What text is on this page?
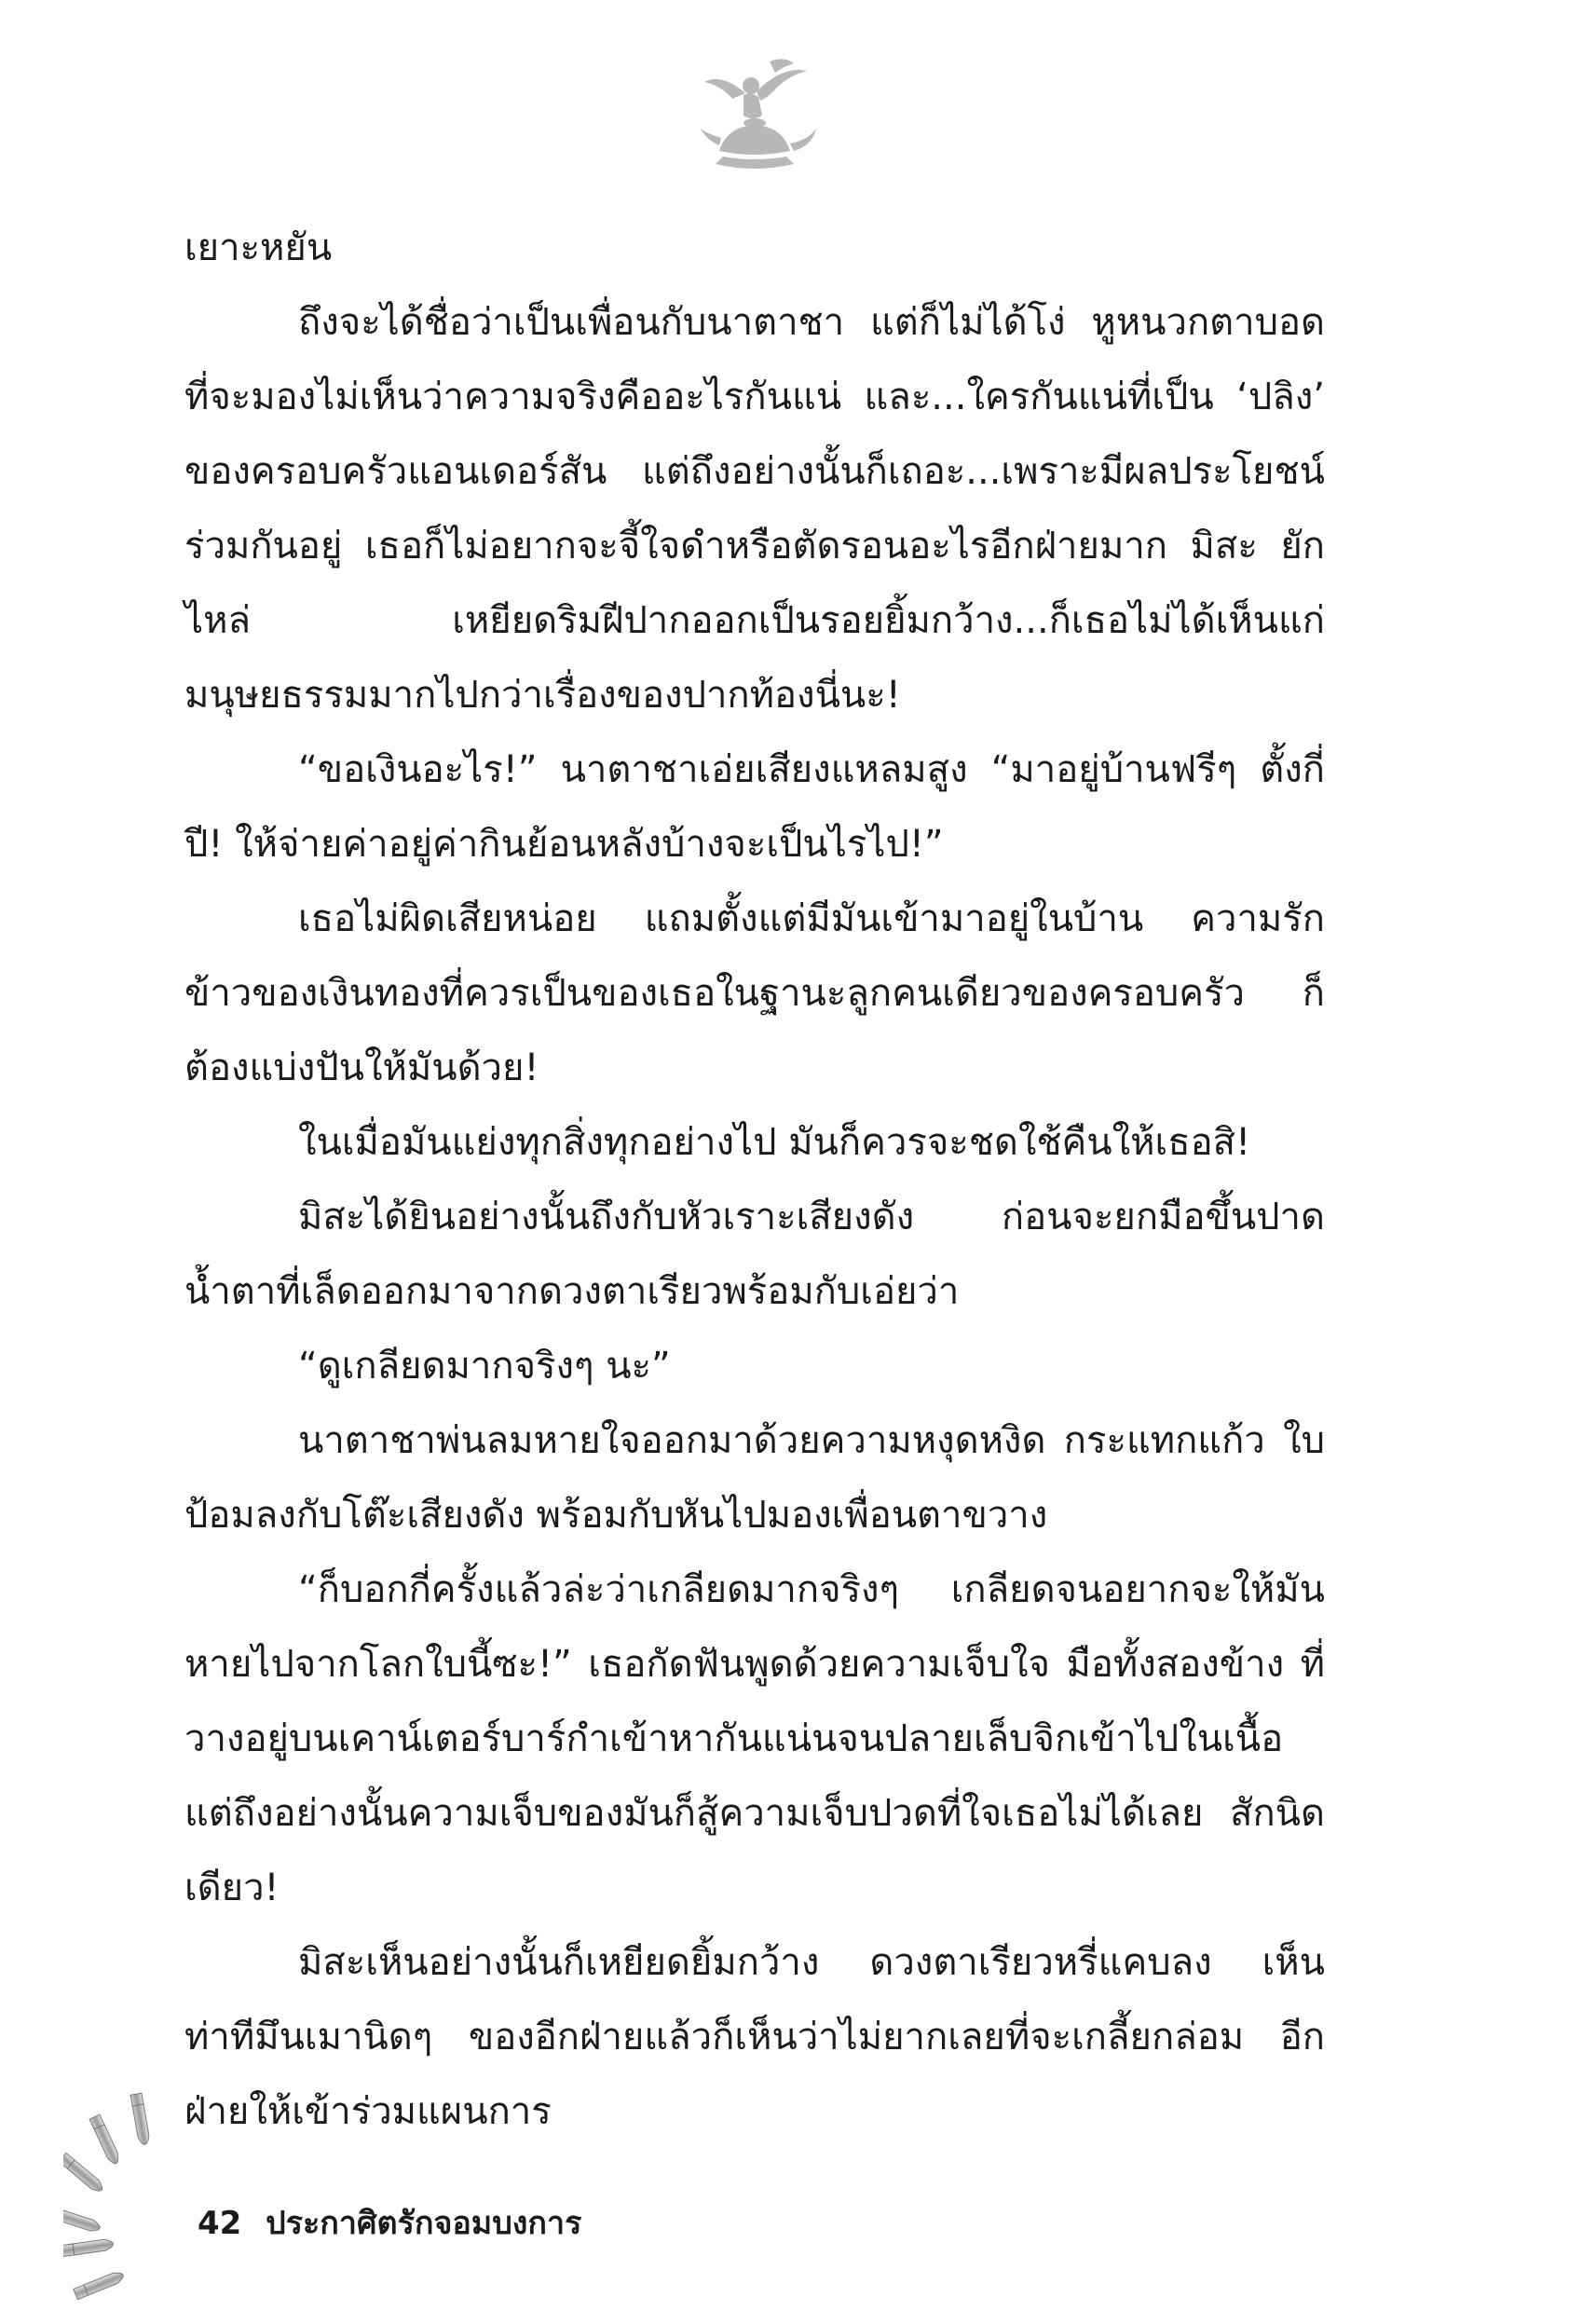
เยาะหยัน

ถึงจะได้ชื่อว่าเป็นเพื่อนกับนาตาชา แต่ก็ไม่ได้โง่ หูหนวกตาบอด ที่จะมองไม่เห็นว่าความจริงคืออะไรกันแน่ และ...ใครกันแน่ที่เป็น ‘ปลิง’ ของครอบครัวแอนเดอร์สัน แต่ถึงอย่างนั้นก็เถอะ...เพราะมีผลประโยชน์ ร่วมกันอยู่ เธอก็ไม่อยากจะจี้ใจดำหรือตัดรอนอะไรอีกฝ่ายมาก มิสะ ยักไหล่ เหยียดริมฝีปากออกเป็นรอยยิ้มกว้าง...ก็เธอไม่ได้เห็นแก่ มนุษยธรรมมากไปกว่าเรื่องของปากท้องนี่นะ!

“ขอเงินอะไร!” นาตาชาเอ่ยเสียงแหลมสูง “มาอยู่บ้านฟรีๆ ตั้งกี่ปี! ให้จ่ายค่าอยู่ค่ากินย้อนหลังบ้างจะเป็นไรไป!”

เธอไม่ผิดเสียหน่อย แถมตั้งแต่มีมันเข้ามาอยู่ในบ้าน ความรัก ข้าวของเงินทองที่ควรเป็นของเธอในฐานะลูกคนเดียวของครอบครัว ก็ต้องแบ่งปันให้มันด้วย!

ในเมื่อมันแย่งทุกสิ่งทุกอย่างไป มันก็ควรจะชดใช้คืนให้เธอสิ!

มิสะได้ยินอย่างนั้นถึงกับหัวเราะเสียงดัง ก่อนจะยกมือขึ้นปาด น้ำตาที่เล็ดออกมาจากดวงตาเรียวพร้อมกับเอ่ยว่า

“ดูเกลียดมากจริงๆ นะ”

นาตาชาพ่นลมหายใจออกมาด้วยความหงุดหงิด กระแทกแก้ว ใบป้อมลงกับโต๊ะเสียงดัง พร้อมกับหันไปมองเพื่อนตาขวาง

“ก็บอกกี่ครั้งแล้วล่ะว่าเกลียดมากจริงๆ เกลียดจนอยากจะให้มัน หายไปจากโลกใบนี้ซะ!” เธอกัดฟันพูดด้วยความเจ็บใจ มือทั้งสองข้าง ที่วางอยู่บนเคาน์เตอร์บาร์กำเข้าหากันแน่นจนปลายเล็บจิกเข้าไปในเนื้อ แต่ถึงอย่างนั้นความเจ็บของมันก็สู้ความเจ็บปวดที่ใจเธอไม่ได้เลย สักนิดเดียว!

มิสะเห็นอย่างนั้นก็เหยียดยิ้มกว้าง ดวงตาเรียวหรี่แคบลง เห็น ท่าทีมึนเมานิดๆ ของอีกฝ่ายแล้วก็เห็นว่าไม่ยากเลยที่จะเกลี้ยกล่อม อีกฝ่ายให้เข้าร่วมแผนการ

42 ประกาศิตรักจอมบงการ
